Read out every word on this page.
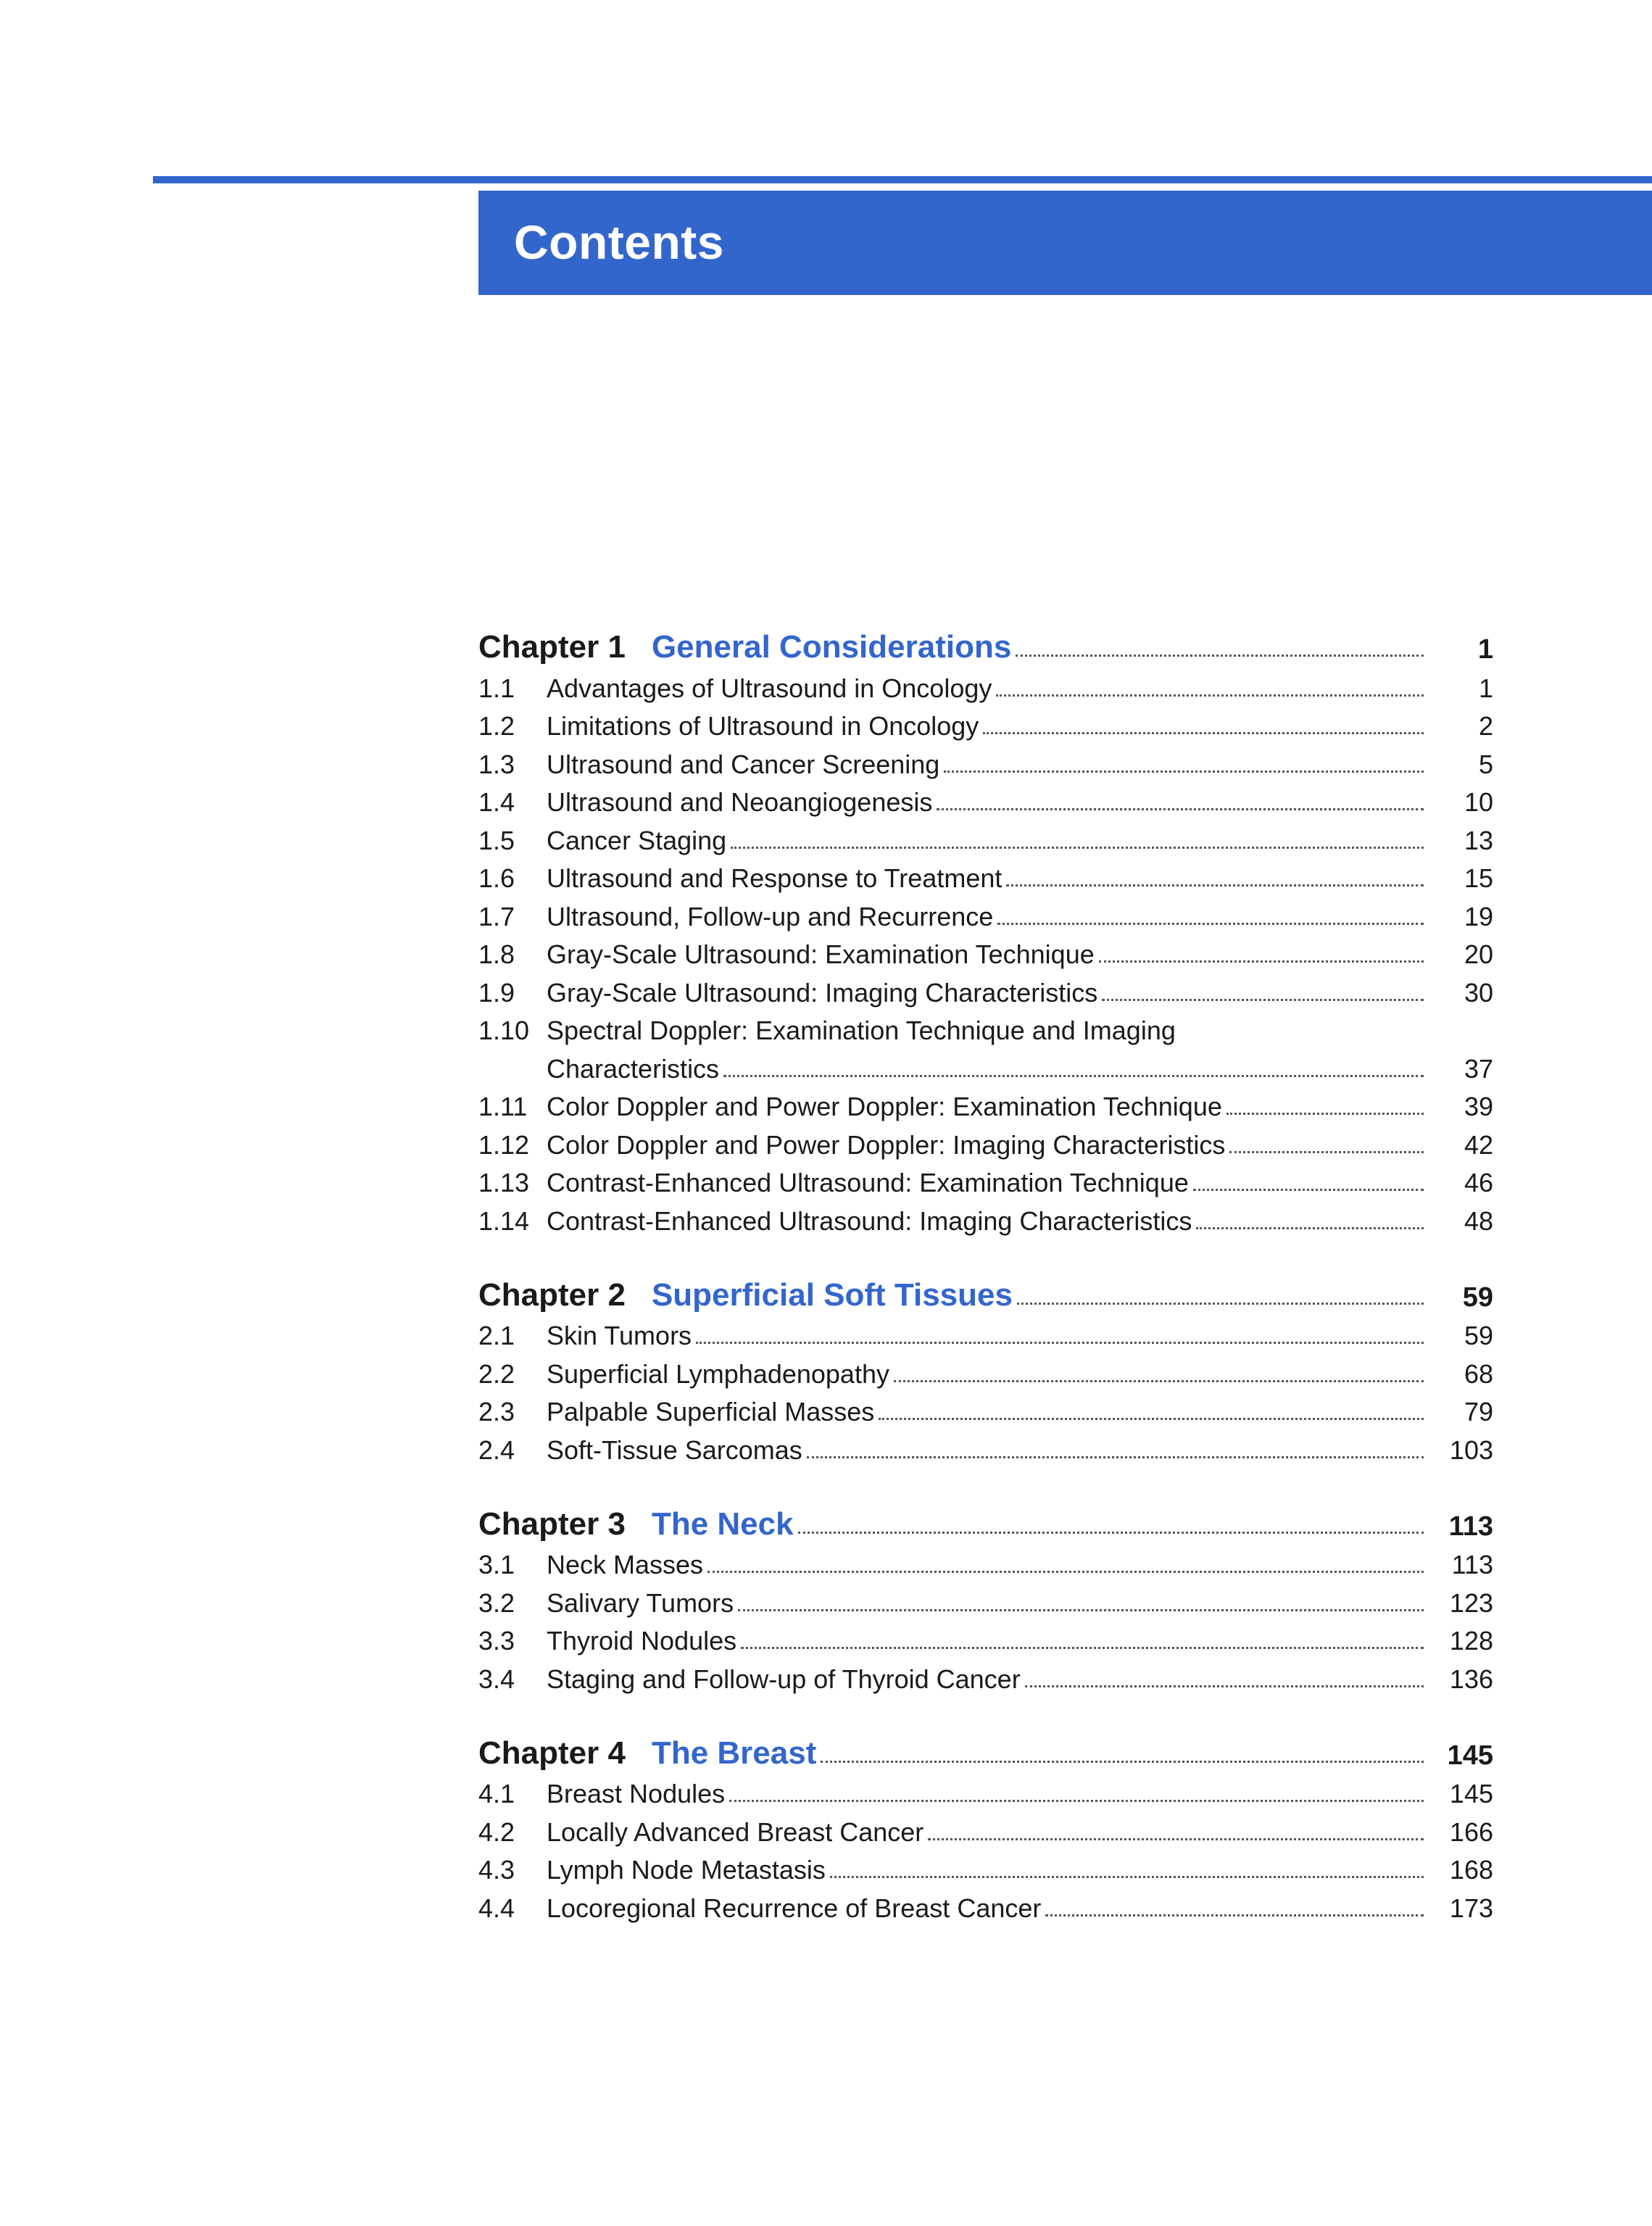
Contents
Chapter 1 General Considerations	1
1.1	Advantages of Ultrasound in Oncology	1
1.2	Limitations of Ultrasound in Oncology	2
1.3	Ultrasound and Cancer Screening	5
1.4	Ultrasound and Neoangiogenesis	10
1.5	Cancer Staging	13
1.6	Ultrasound and Response to Treatment	15
1.7	Ultrasound, Follow-up and Recurrence	19
1.8	Gray-Scale Ultrasound: Examination Technique	20
1.9	Gray-Scale Ultrasound: Imaging Characteristics	30
1.10 Spectral Doppler: Examination Technique and Imaging
Characteristics	37
1.11 Color Doppler and Power Doppler: Examination Technique	39
1.12 Color Doppler and Power Doppler: Imaging Characteristics	42
1.13 Contrast-Enhanced Ultrasound: Examination Technique	46
1.14 Contrast-Enhanced Ultrasound: Imaging Characteristics	48
Chapter 2 Superficial Soft Tissues	59
2.1	Skin Tumors	59
2.2	Superficial Lymphadenopathy	68
2.3	Palpable Superficial Masses	79
2.4	Soft-Tissue Sarcomas	103
Chapter 3 The Neck	113
3.1	Neck Masses	113
3.2	Salivary Tumors	123
3.3	Thyroid Nodules	128
3.4	Staging and Follow-up of Thyroid Cancer	136
Chapter 4 The Breast	145
4.1	Breast Nodules	145
4.2	Locally Advanced Breast Cancer	166
4.3	Lymph Node Metastasis	168
4.4	Locoregional Recurrence of Breast Cancer	173
